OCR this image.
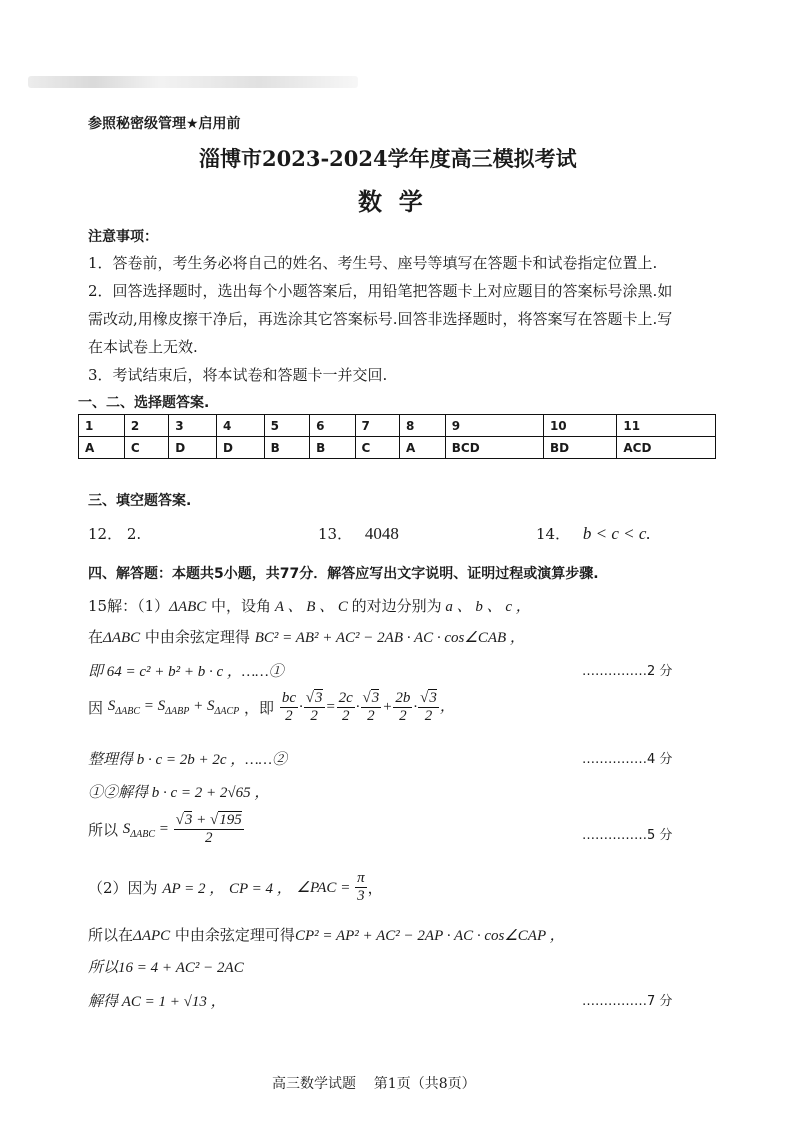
参照秘密级管理★启用前
淄博市2023-2024学年度高三模拟考试
数  学
注意事项：
1．答卷前，考生务必将自己的姓名、考生号、座号等填写在答题卡和试卷指定位置上.
2．回答选择题时，选出每个小题答案后，用铅笔把答题卡上对应题目的答案标号涂黑.如
需改动,用橡皮擦干净后，再选涂其它答案标号.回答非选择题时，将答案写在答题卡上.写
在本试卷上无效.
3．考试结束后，将本试卷和答题卡一并交回.
一、二、选择题答案.
1	2	3	4	5	6	7	8	9	10	11
A	C	D	D	B	B	C	A	BCD	BD	ACD
三、填空题答案.
12． 2.	13． 4048	14． b < c < c.
四、解答题：本题共5小题，共77分．解答应写出文字说明、证明过程或演算步骤.
15解：（1）ΔABC 中，设角 A 、 B 、 C 的对边分别为 a 、 b 、 c ，
在ΔABC 中由余弦定理得 BC² = AB² + AC² − 2AB · AC · cos∠CAB ，
即 64 = c² + b² + b · c ，……①	……………2 分
因 $S_{\Delta ABC} = S_{\Delta ABP} + S_{\Delta ACP}$ ，即 $\frac{bc}{2} \cdot \frac{√3}{2} = \frac{2c}{2} \cdot \frac{√3}{2} + \frac{2b}{2} \cdot \frac{√3}{2}$ ，
整理得 b · c = 2b + 2c ，……②	……………4 分
①②解得 b · c = 2 + 2√65 ，
所以 $S_{\Delta ABC} = \frac{√3 + √195}{2}$	……………5 分
（2）因为 AP = 2 ， CP = 4 ， ∠PAC = $\frac{\pi}{3}$ ，
所以在ΔAPC 中由余弦定理可得CP² = AP² + AC² − 2AP · AC · cos∠CAP ，
所以16 = 4 + AC² − 2AC
解得 AC = 1 + √13 ，	……………7 分
高三数学试题    第1页（共8页）
